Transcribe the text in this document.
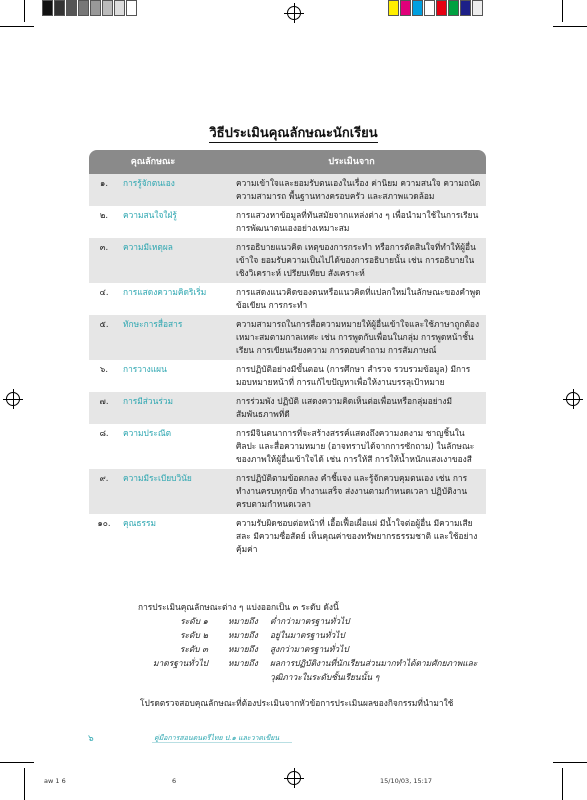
วิธีประเมินคุณลักษณะนักเรียน
คุณลักษณะ	ประเมินจาก
๑.	การรู้จักตนเอง	ความเข้าใจและยอมรับตนเองในเรื่อง ค่านิยม ความสนใจ ความถนัด ความสามารถ พื้นฐานทางครอบครัว และสภาพแวดล้อม
๒.	ความสนใจใฝ่รู้	การแสวงหาข้อมูลที่ทันสมัยจากแหล่งต่าง ๆ เพื่อนำมาใช้ในการเรียน การพัฒนาตนเองอย่างเหมาะสม
๓.	ความมีเหตุผล	การอธิบายแนวคิด เหตุของการกระทำ หรือการตัดสินใจที่ทำให้ผู้อื่นเข้าใจ ยอมรับความเป็นไปได้ของการอธิบายนั้น เช่น การอธิบายในเชิงวิเคราะห์ เปรียบเทียบ สังเคราะห์
๔.	การแสดงความคิดริเริ่ม	การแสดงแนวคิดของตนหรือแนวคิดที่แปลกใหม่ในลักษณะของคำพูด ข้อเขียน การกระทำ
๕.	ทักษะการสื่อสาร	ความสามารถในการสื่อความหมายให้ผู้อื่นเข้าใจและใช้ภาษาถูกต้องเหมาะสมตามกาลเทศะ เช่น การพูดกับเพื่อนในกลุ่ม การพูดหน้าชั้นเรียน การเขียนเรียงความ การตอบคำถาม การสัมภาษณ์
๖.	การวางแผน	การปฏิบัติอย่างมีขั้นตอน (การศึกษา สำรวจ รวบรวมข้อมูล) มีการมอบหมายหน้าที่ การแก้ไขปัญหาเพื่อให้งานบรรลุเป้าหมาย
๗.	การมีส่วนร่วม	การร่วมพัง ปฏิบัติ แสดงความคิดเห็นต่อเพื่อนหรือกลุ่มอย่างมีสัมพันธภาพที่ดี
๘.	ความประณีต	การมีจินตนาการที่จะสร้างสรรค์แสดงถึงความงดงาม ชาญชิ้นในศิลปะ และสื่อความหมาย (อาจทราบได้จากการซักถาม) ในลักษณะของภาพให้ผู้อื่นเข้าใจได้ เช่น การให้สี การให้น้ำหนักแสงเงาของสี
๙.	ความมีระเบียบวินัย	การปฏิบัติตามข้อตกลง คำชี้แจง และรู้จักควบคุมตนเอง เช่น การทำงานครบทุกข้อ ทำงานเสร็จ ส่งงานตามกำหนดเวลา ปฏิบัติงานครบตามกำหนดเวลา
๑๐.	คุณธรรม	ความรับผิดชอบต่อหน้าที่ เอื้อเฟื้อเผื่อแผ่ มีน้ำใจต่อผู้อื่น มีความเสียสละ มีความซื่อสัตย์ เห็นคุณค่าของทรัพยากรธรรมชาติ และใช้อย่างคุ้มค่า
การประเมินคุณลักษณะต่าง ๆ แบ่งออกเป็น ๓ ระดับ ดังนี้
ระดับ ๑	หมายถึง	ต่ำกว่ามาตรฐานทั่วไป
ระดับ ๒	หมายถึง	อยู่ในมาตรฐานทั่วไป
ระดับ ๓	หมายถึง	สูงกว่ามาตรฐานทั่วไป
มาตรฐานทั่วไป	หมายถึง	ผลการปฏิบัติงานที่นักเรียนส่วนมากทำได้ตามศักยภาพและวุฒิภาวะในระดับชั้นเรียนนั้น ๆ
โปรดตรวจสอบคุณลักษณะที่ต้องประเมินจากหัวข้อการประเมินผลของกิจกรรมที่นำมาใช้
๖	คู่มือการสอนดนตรีไทย ป.๑ และวาดเขียน
aw 1 6	6	15/10/03, 15:17
